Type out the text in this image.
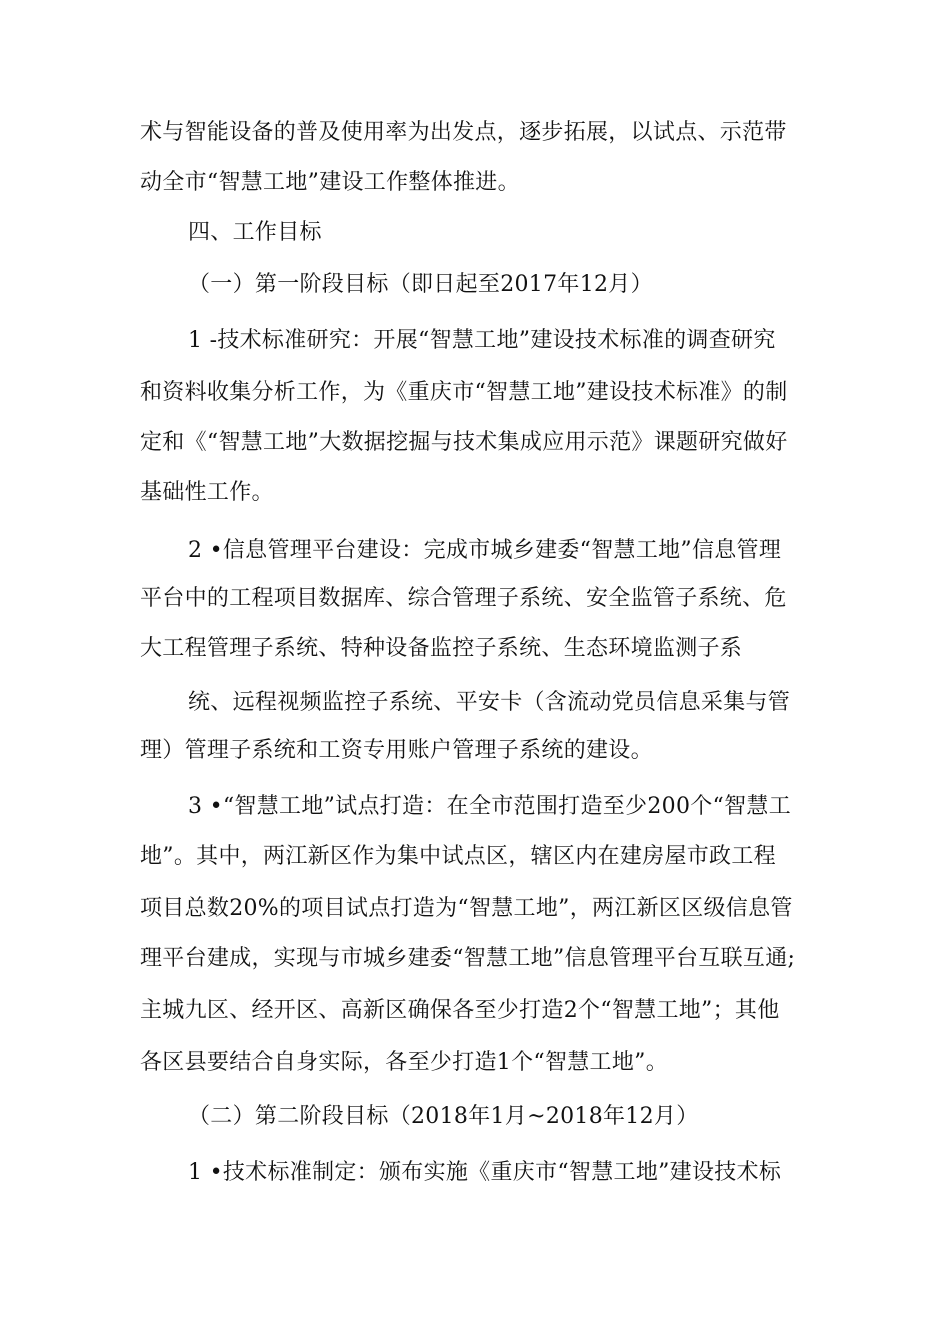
术与智能设备的普及使用率为出发点，逐步拓展，以试点、示范带
动全市“智慧工地”建设工作整体推进。
四、工作目标
（一）第一阶段目标（即日起至2017年12月）
1 -技术标准研究：开展“智慧工地”建设技术标准的调查研究
和资料收集分析工作，为《重庆市“智慧工地”建设技术标准》的制
定和《“智慧工地”大数据挖掘与技术集成应用示范》课题研究做好
基础性工作。
2 •信息管理平台建设：完成市城乡建委“智慧工地”信息管理
平台中的工程项目数据库、综合管理子系统、安全监管子系统、危
大工程管理子系统、特种设备监控子系统、生态环境监测子系
统、远程视频监控子系统、平安卡（含流动党员信息采集与管
理）管理子系统和工资专用账户管理子系统的建设。
3 •“智慧工地”试点打造：在全市范围打造至少200个“智慧工
地”。其中，两江新区作为集中试点区，辖区内在建房屋市政工程
项目总数20%的项目试点打造为“智慧工地”，两江新区区级信息管
理平台建成，实现与市城乡建委“智慧工地”信息管理平台互联互通;
主城九区、经开区、高新区确保各至少打造2个“智慧工地”；其他
各区县要结合自身实际，各至少打造1个“智慧工地”。
（二）第二阶段目标（2018年1月~2018年12月）
1 •技术标准制定：颁布实施《重庆市“智慧工地”建设技术标
